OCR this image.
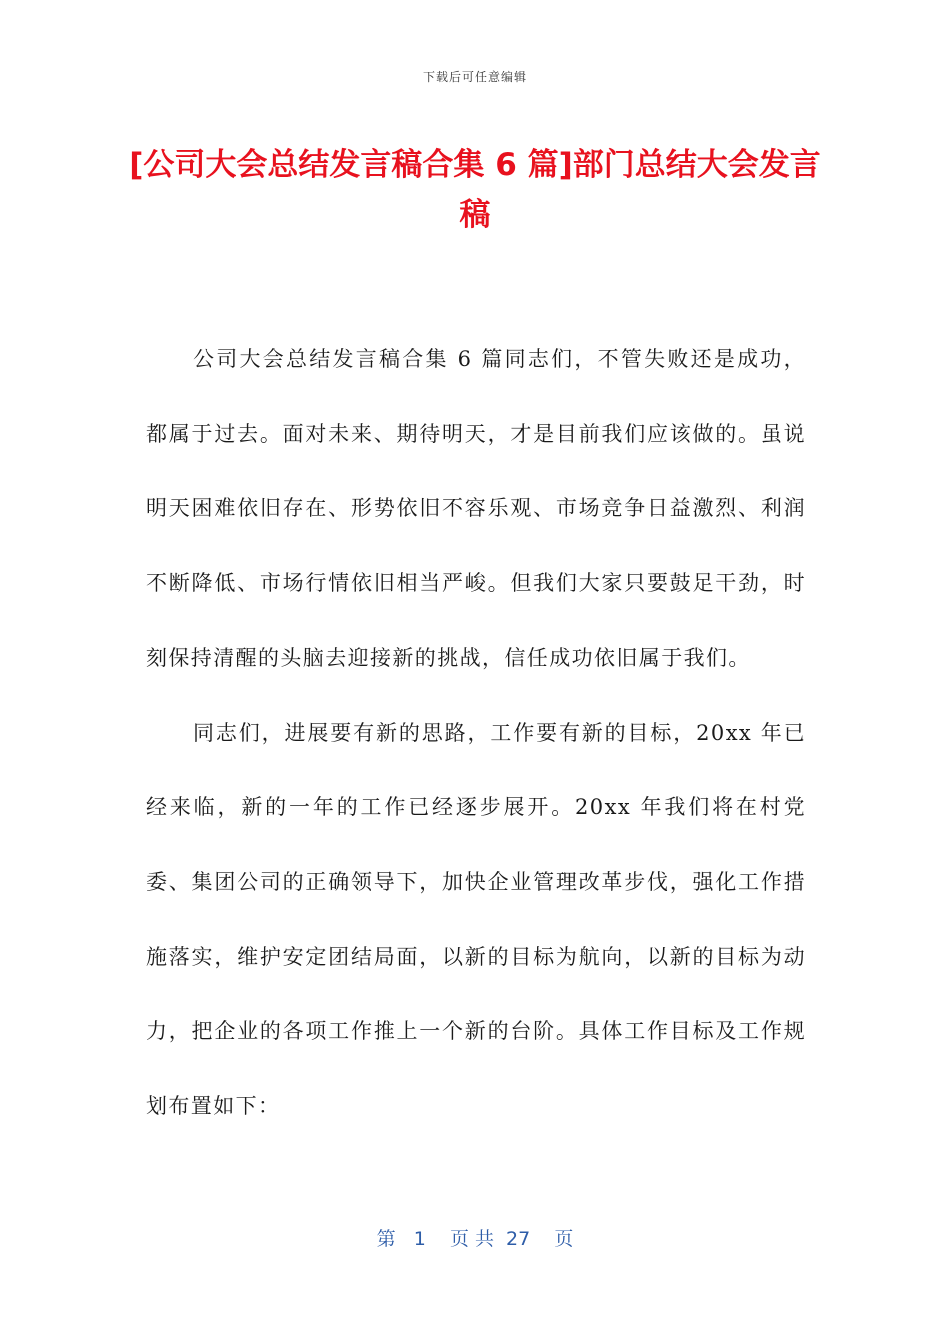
下载后可任意编辑
[公司大会总结发言稿合集 6 篇]部门总结大会发言稿

公司大会总结发言稿合集 6 篇同志们，不管失败还是成功，都属于过去。面对未来、期待明天，才是目前我们应该做的。虽说明天困难依旧存在、形势依旧不容乐观、市场竞争日益激烈、利润不断降低、市场行情依旧相当严峻。但我们大家只要鼓足干劲，时刻保持清醒的头脑去迎接新的挑战，信任成功依旧属于我们。

同志们，进展要有新的思路，工作要有新的目标，20xx 年已经来临，新的一年的工作已经逐步展开。20xx 年我们将在村党委、集团公司的正确领导下，加快企业管理改革步伐，强化工作措施落实，维护安定团结局面，以新的目标为航向，以新的目标为动力，把企业的各项工作推上一个新的台阶。具体工作目标及工作规划布置如下：

第   1    页 共  27    页
